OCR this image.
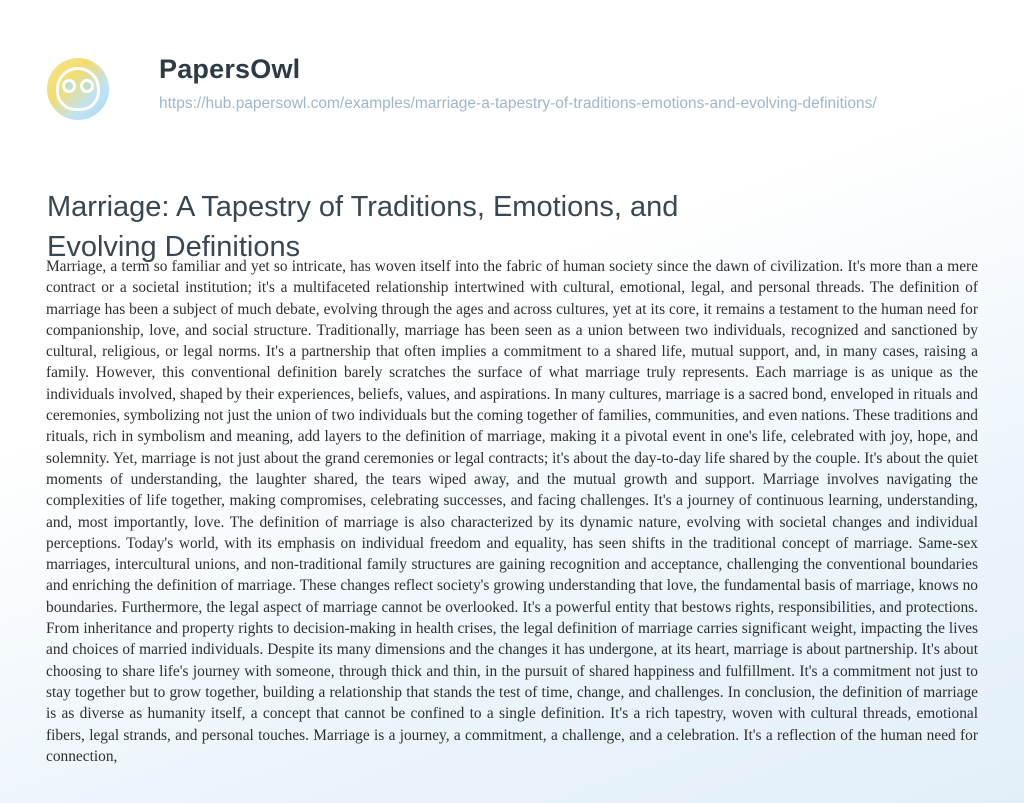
PapersOwl
https://hub.papersowl.com/examples/marriage-a-tapestry-of-traditions-emotions-and-evolving-definitions/
Marriage: A Tapestry of Traditions, Emotions, and Evolving Definitions
Marriage, a term so familiar and yet so intricate, has woven itself into the fabric of human society since the dawn of civilization. It's more than a mere contract or a societal institution; it's a multifaceted relationship intertwined with cultural, emotional, legal, and personal threads. The definition of marriage has been a subject of much debate, evolving through the ages and across cultures, yet at its core, it remains a testament to the human need for companionship, love, and social structure. Traditionally, marriage has been seen as a union between two individuals, recognized and sanctioned by cultural, religious, or legal norms. It's a partnership that often implies a commitment to a shared life, mutual support, and, in many cases, raising a family. However, this conventional definition barely scratches the surface of what marriage truly represents. Each marriage is as unique as the individuals involved, shaped by their experiences, beliefs, values, and aspirations. In many cultures, marriage is a sacred bond, enveloped in rituals and ceremonies, symbolizing not just the union of two individuals but the coming together of families, communities, and even nations. These traditions and rituals, rich in symbolism and meaning, add layers to the definition of marriage, making it a pivotal event in one's life, celebrated with joy, hope, and solemnity. Yet, marriage is not just about the grand ceremonies or legal contracts; it's about the day-to-day life shared by the couple. It's about the quiet moments of understanding, the laughter shared, the tears wiped away, and the mutual growth and support. Marriage involves navigating the complexities of life together, making compromises, celebrating successes, and facing challenges. It's a journey of continuous learning, understanding, and, most importantly, love. The definition of marriage is also characterized by its dynamic nature, evolving with societal changes and individual perceptions. Today's world, with its emphasis on individual freedom and equality, has seen shifts in the traditional concept of marriage. Same-sex marriages, intercultural unions, and non-traditional family structures are gaining recognition and acceptance, challenging the conventional boundaries and enriching the definition of marriage. These changes reflect society's growing understanding that love, the fundamental basis of marriage, knows no boundaries. Furthermore, the legal aspect of marriage cannot be overlooked. It's a powerful entity that bestows rights, responsibilities, and protections. From inheritance and property rights to decision-making in health crises, the legal definition of marriage carries significant weight, impacting the lives and choices of married individuals. Despite its many dimensions and the changes it has undergone, at its heart, marriage is about partnership. It's about choosing to share life's journey with someone, through thick and thin, in the pursuit of shared happiness and fulfillment. It's a commitment not just to stay together but to grow together, building a relationship that stands the test of time, change, and challenges. In conclusion, the definition of marriage is as diverse as humanity itself, a concept that cannot be confined to a single definition. It's a rich tapestry, woven with cultural threads, emotional fibers, legal strands, and personal touches. Marriage is a journey, a commitment, a challenge, and a celebration. It's a reflection of the human need for connection,
